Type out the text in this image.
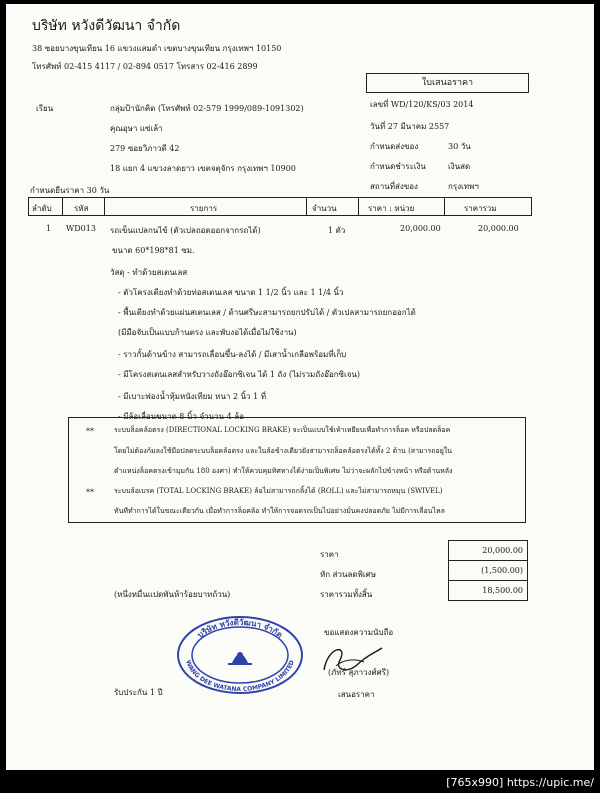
บริษัท หวังดีวัฒนา จำกัด
38 ซอยบางขุนเทียน 16 แขวงแสมดำ เขตบางขุนเทียน กรุงเทพฯ 10150
โทรศัพท์ 02-415 4117 / 02-894 0517 โทรสาร 02-416 2899
ใบเสนอราคา
เรียน	กลุ่มป้านักคิด (โทรศัพท์ 02-579 1999/089-1091302)
คุณอุษา แซ่เล้า
279 ซอยวิภาวดี 42
18 แยก 4 แขวงลาดยาว เขตจตุจักร กรุงเทพฯ 10900
เลขที่ WD/120/KS/03 2014
วันที่ 27 มีนาคม 2557
กำหนดส่งของ	30 วัน
กำหนดชำระเงิน	เงินสด
สถานที่ส่งของ	กรุงเทพฯ
กำหนดยืนราคา 30 วัน
ลำดับ	รหัส	รายการ	จำนวน	ราคา : หน่วย	ราคารวม
1 WD013 รถเข็นแปลกนไข้ (ตัวเปลถอดออกจากรถได้)	1 ตัว	20,000.00	20,000.00
ขนาด 60*198*81 ซม.
วัสดุ - ทำด้วยสเตนเลส
- ตัวโครงเตียงทำด้วยท่อสเตนเลส ขนาด 1 1/2 นิ้ว และ 1 1/4 นิ้ว
- พื้นเตียงทำด้วยแผ่นสเตนเลส / ด้านศรีษะสามารถยกปรับได้ / ตัวเปลสามารถยกออกได้
(มีมือจับเป็นแบบก้านตรง และพับงอได้เมื่อไม่ใช้งาน)
- ราวกั้นด้านข้าง สามารถเลื่อนขึ้น-ลงได้ / มีเสาน้ำเกลือพร้อมที่เก็บ
- มีโครงสเตนเลสสำหรับวางถังอ๊อกซิเจน ได้ 1 ถัง (ไม่รวมถังอ๊อกซิเจน)
- มีเบาะฟองน้ำหุ้มหนังเทียม หนา 2 นิ้ว 1 ที่
- มีล้อเลื่อนขนาด 8 นิ้ว จำนวน 4 ล้อ
**	ระบบล็อคล้อตรง (DIRECTIONAL LOCKING BRAKE) จะเป็นแบบใช้เท้าเหยียบเพื่อทำการล็อค หรือปลดล็อค
โดยไม่ต้องก้มลงใช้มือปลดระบบล็อคล้อตรง และในล้อข้างเดียวยังสามารถล็อคล้อตรงได้ทั้ง 2 ด้าน (สามารถอยู่ใน
ตำแหน่งล็อคตรงเข้ามุมกัน 180 องศา) ทำให้ควบคุมทิศทางได้ง่ายเป็นพิเศษ ไม่ว่าจะผลักไปข้างหน้า หรือด้านหลัง
**	ระบบล้อเบรค (TOTAL LOCKING BRAKE) ล้อไม่สามารถกลิ้งได้ (ROLL) และไม่สามารถหมุน (SWIVEL)
ทันทีทำการได้ในขณะเดียวกัน เมื่อทำการล็อคล้อ ทำให้การจอดรถเป็นไปอย่างมั่นคงปลอดภัย ไม่มีการเลื่อนไหล
ราคา	20,000.00
หัก ส่วนลดพิเศษ	(1,500.00)
ราคารวมทั้งสิ้น	18,500.00
(หนึ่งหมื่นแปดพันห้าร้อยบาทถ้วน)
บริษัท หวังดีวัฒนา จำกัด
WANG DEE WATANA COMPANY LIMITED
ขอแสดงความนับถือ
(ภัทร์ สุภาวงศ์ศรี)
เสนอราคา
รับประกัน 1 ปี
[765x990] https://upic.me/
